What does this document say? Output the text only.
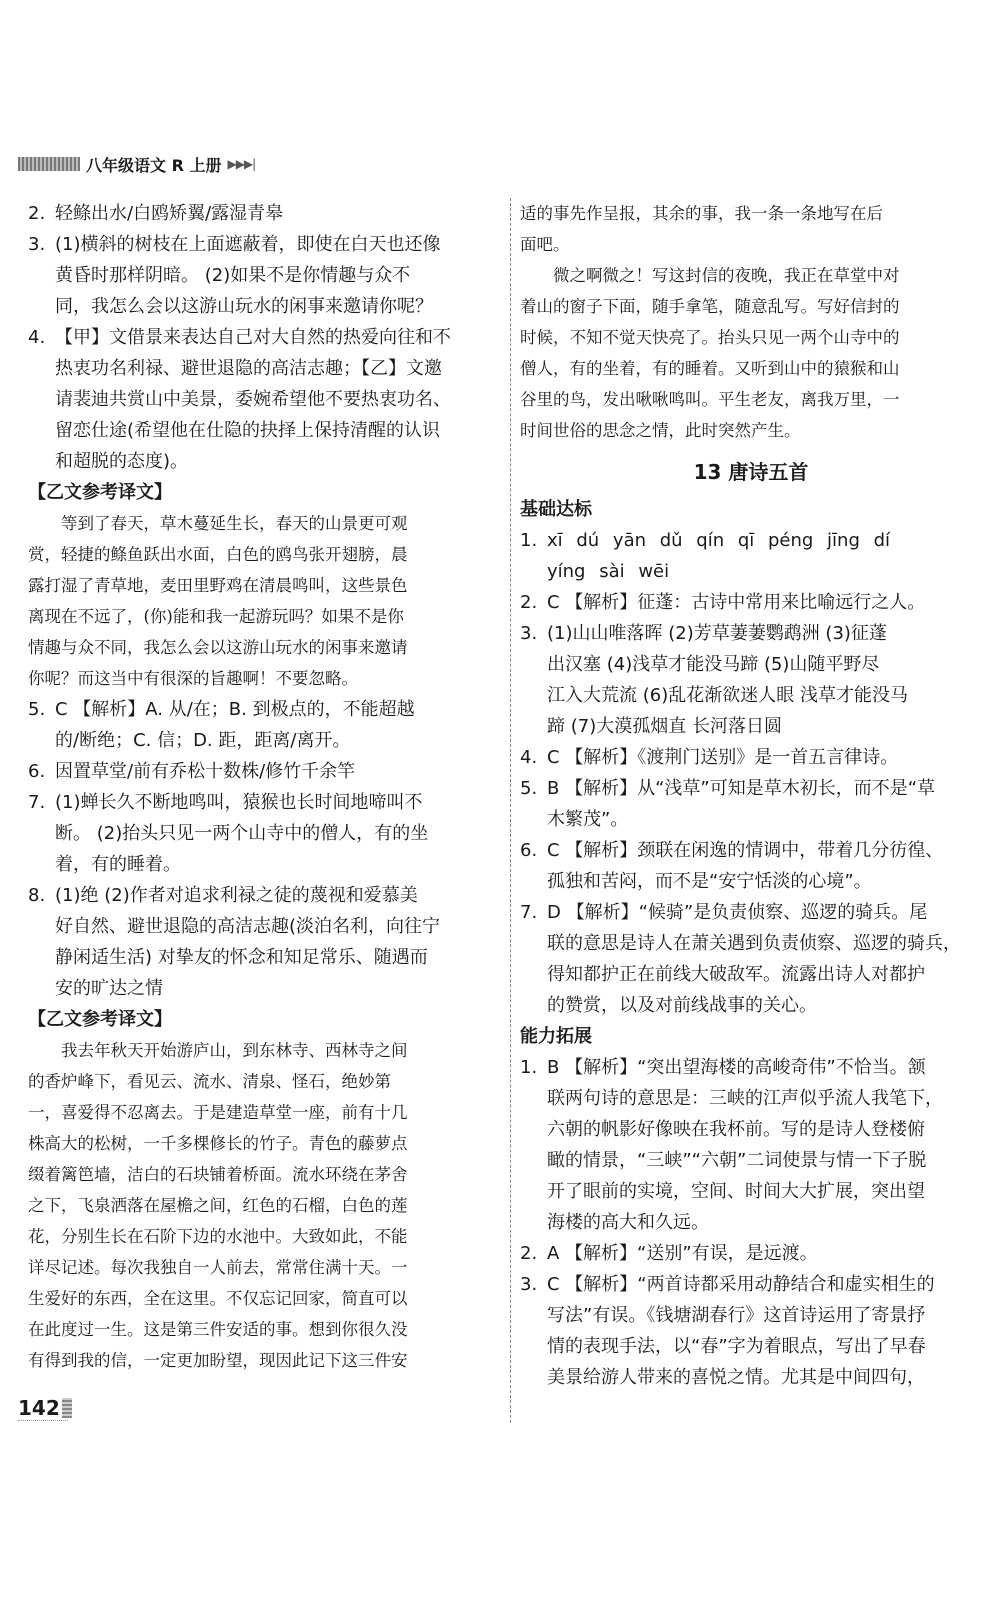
八年级语文 R 上册 ▶▶▶|

2. 轻鲦出水/白鸥矫翼/露湿青皋

3. (1)横斜的树枝在上面遮蔽着，即使在白天也还像

黄昏时那样阴暗。 (2)如果不是你情趣与众不

同，我怎么会以这游山玩水的闲事来邀请你呢？

4. 【甲】文借景来表达自己对大自然的热爱向往和不

热衷功名利禄、避世退隐的高洁志趣；【乙】文邀

请裴迪共赏山中美景，委婉希望他不要热衷功名、

留恋仕途(希望他在仕隐的抉择上保持清醒的认识

和超脱的态度)。

【乙文参考译文】

等到了春天，草木蔓延生长，春天的山景更可观

赏，轻捷的鲦鱼跃出水面，白色的鸥鸟张开翅膀，晨

露打湿了青草地，麦田里野鸡在清晨鸣叫，这些景色

离现在不远了，(你)能和我一起游玩吗？如果不是你

情趣与众不同，我怎么会以这游山玩水的闲事来邀请

你呢？而这当中有很深的旨趣啊！不要忽略。

5. C 【解析】A. 从/在；B. 到极点的，不能超越

的/断绝；C. 信；D. 距，距离/离开。

6. 因置草堂/前有乔松十数株/修竹千余竿

7. (1)蝉长久不断地鸣叫，猿猴也长时间地啼叫不

断。 (2)抬头只见一两个山寺中的僧人，有的坐

着，有的睡着。

8. (1)绝 (2)作者对追求利禄之徒的蔑视和爱慕美

好自然、避世退隐的高洁志趣(淡泊名利，向往宁

静闲适生活) 对挚友的怀念和知足常乐、随遇而

安的旷达之情

【乙文参考译文】

我去年秋天开始游庐山，到东林寺、西林寺之间

的香炉峰下，看见云、流水、清泉、怪石，绝妙第

一，喜爱得不忍离去。于是建造草堂一座，前有十几

株高大的松树，一千多棵修长的竹子。青色的藤萝点

缀着篱笆墙，洁白的石块铺着桥面。流水环绕在茅舍

之下，飞泉洒落在屋檐之间，红色的石榴，白色的莲

花，分别生长在石阶下边的水池中。大致如此，不能

详尽记述。每次我独自一人前去，常常住满十天。一

生爱好的东西，全在这里。不仅忘记回家，简直可以

在此度过一生。这是第三件安适的事。想到你很久没

有得到我的信，一定更加盼望，现因此记下这三件安

适的事先作呈报，其余的事，我一条一条地写在后

面吧。

微之啊微之！写这封信的夜晚，我正在草堂中对

着山的窗子下面，随手拿笔，随意乱写。写好信封的

时候，不知不觉天快亮了。抬头只见一两个山寺中的

僧人，有的坐着，有的睡着。又听到山中的猿猴和山

谷里的鸟，发出啾啾鸣叫。平生老友，离我万里，一

时间世俗的思念之情，此时突然产生。

13 唐诗五首

基础达标

1. xī dú yān dǔ qín qī péng jīng dí

yíng sài wēi

2. C 【解析】征蓬：古诗中常用来比喻远行之人。

3. (1)山山唯落晖 (2)芳草萋萋鹦鹉洲 (3)征蓬

出汉塞 (4)浅草才能没马蹄 (5)山随平野尽

江入大荒流 (6)乱花渐欲迷人眼 浅草才能没马

蹄 (7)大漠孤烟直 长河落日圆

4. C 【解析】《渡荆门送别》是一首五言律诗。

5. B 【解析】从“浅草”可知是草木初长，而不是“草

木繁茂”。

6. C 【解析】颈联在闲逸的情调中，带着几分彷徨、

孤独和苦闷，而不是“安宁恬淡的心境”。

7. D 【解析】“候骑”是负责侦察、巡逻的骑兵。尾

联的意思是诗人在萧关遇到负责侦察、巡逻的骑兵，

得知都护正在前线大破敌军。流露出诗人对都护

的赞赏，以及对前线战事的关心。

能力拓展

1. B 【解析】“突出望海楼的高峻奇伟”不恰当。颔

联两句诗的意思是：三峡的江声似乎流人我笔下，

六朝的帆影好像映在我杯前。写的是诗人登楼俯

瞰的情景，“三峡”“六朝”二词使景与情一下子脱

开了眼前的实境，空间、时间大大扩展，突出望

海楼的高大和久远。

2. A 【解析】“送别”有误，是远渡。

3. C 【解析】“两首诗都采用动静结合和虚实相生的

写法”有误。《钱塘湖春行》这首诗运用了寄景抒

情的表现手法，以“春”字为着眼点，写出了早春

美景给游人带来的喜悦之情。尤其是中间四句，

142
